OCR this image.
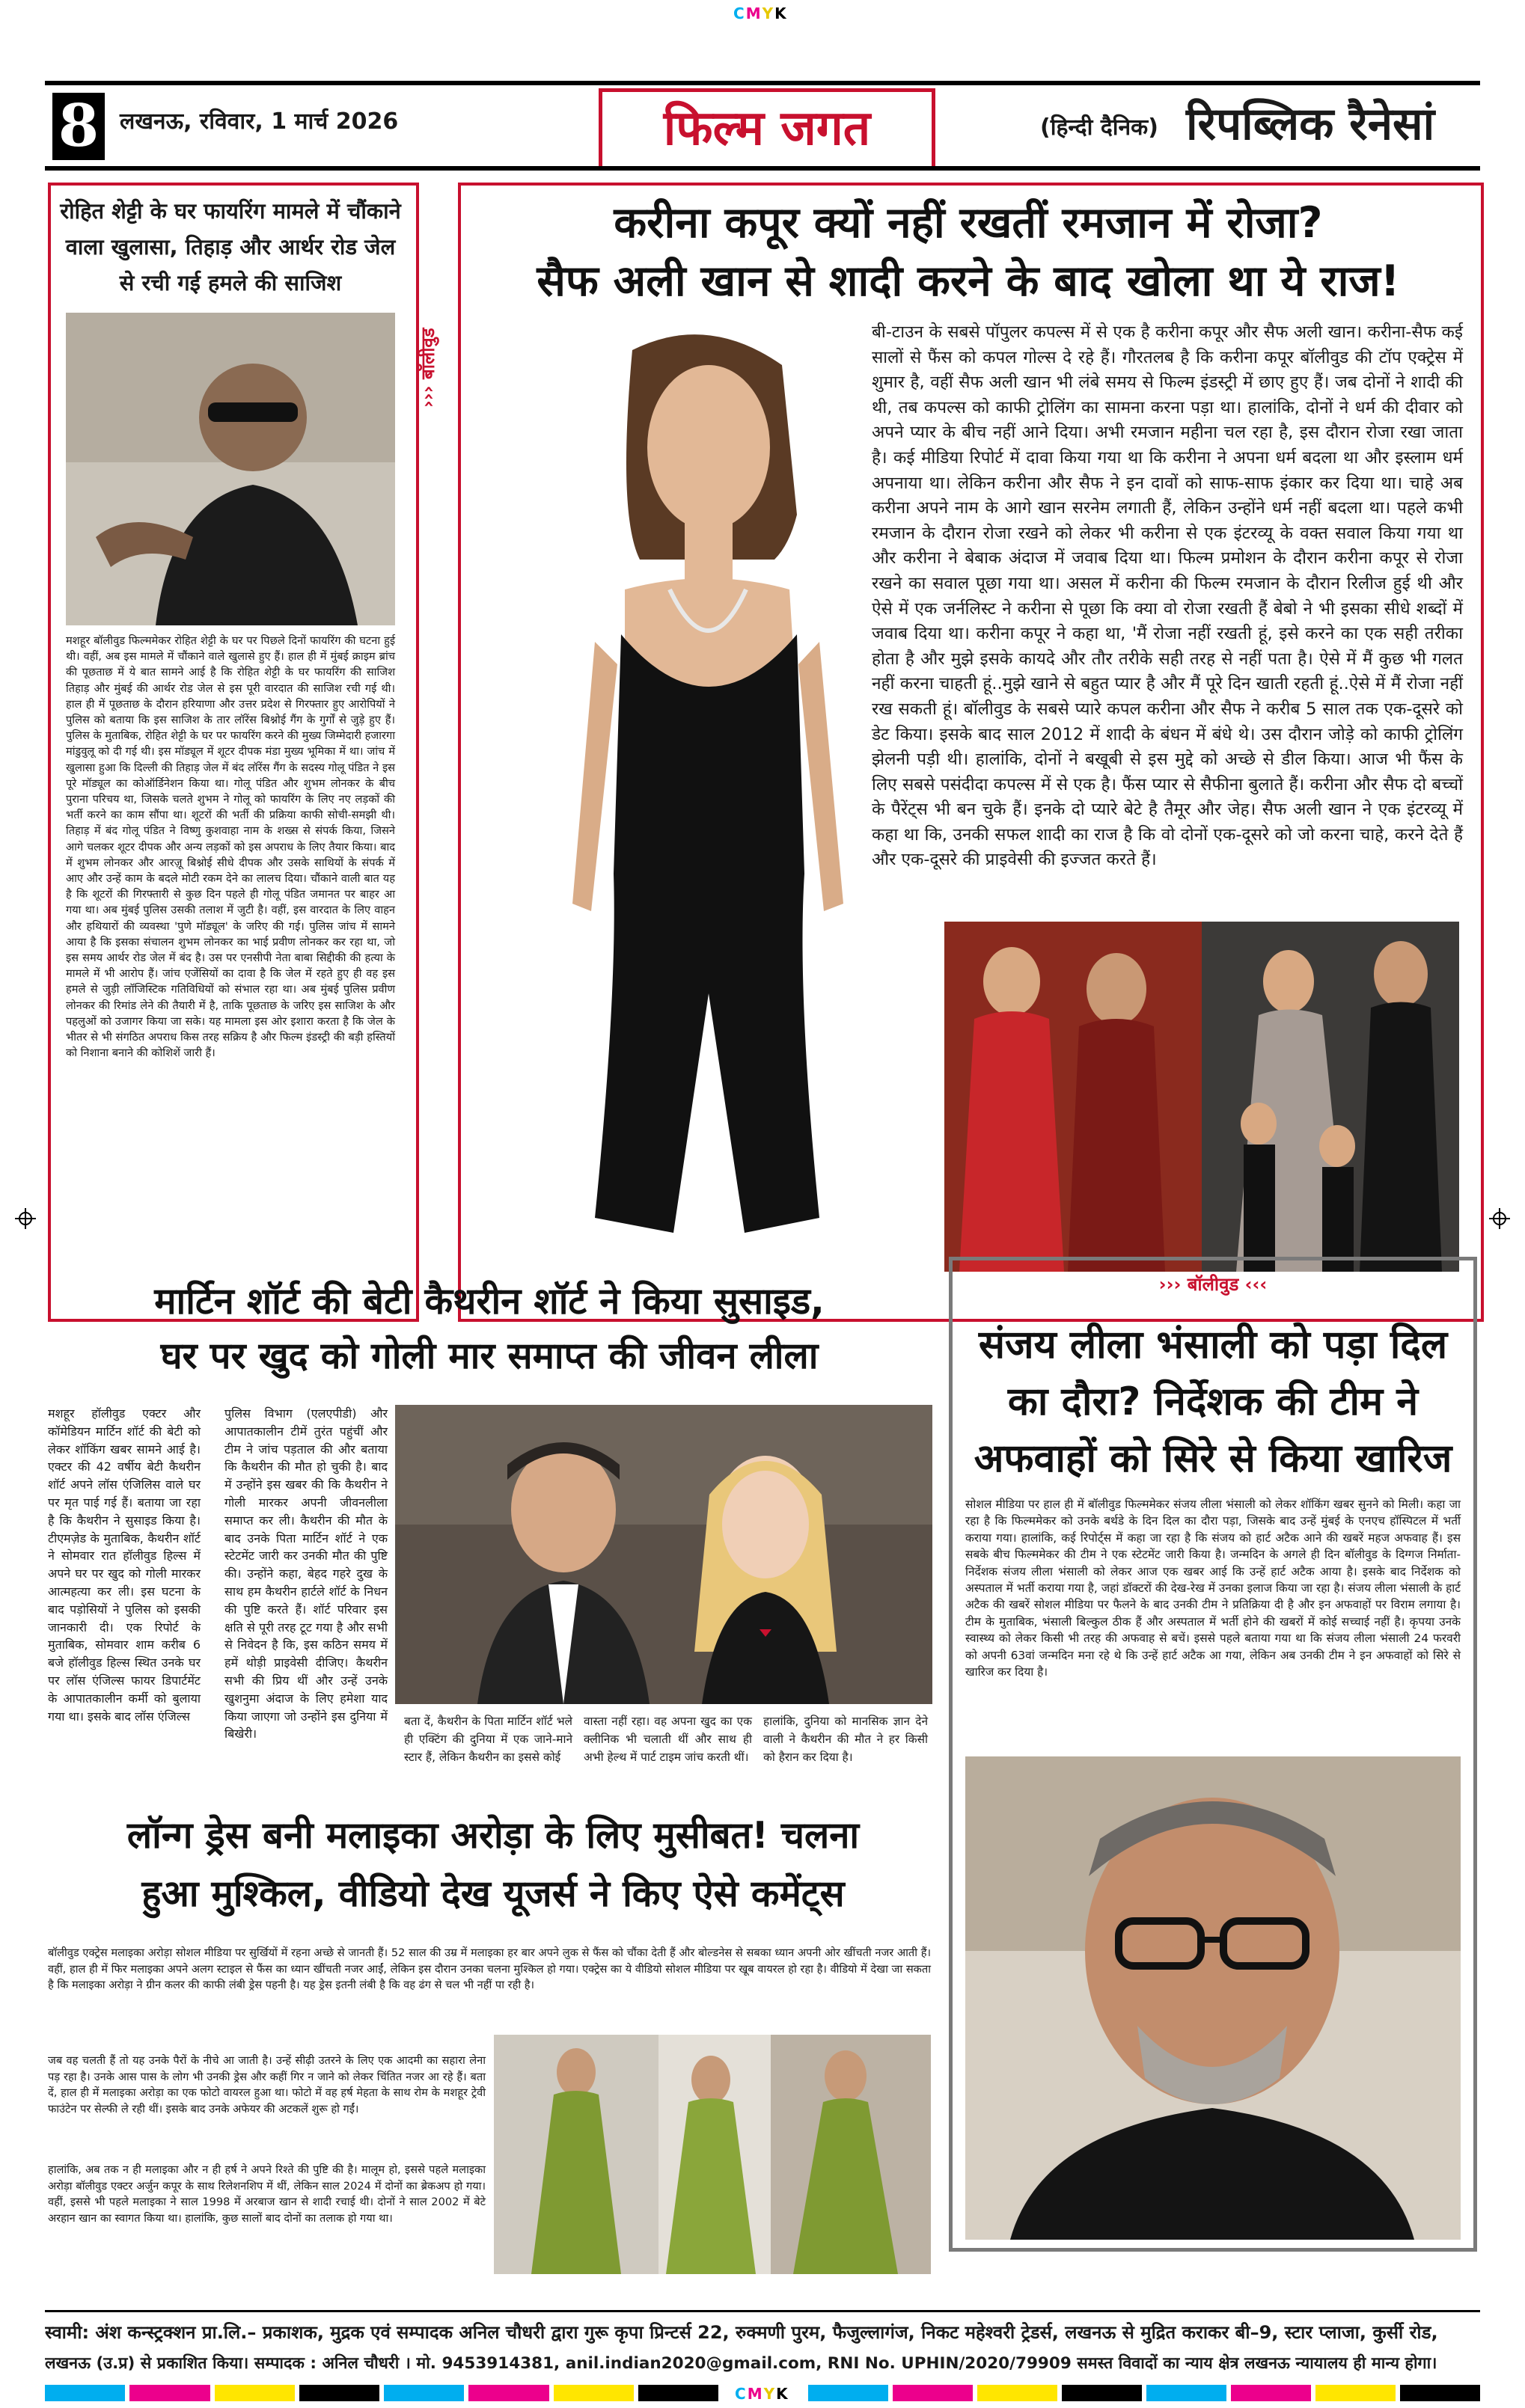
CMYK
8 लखनऊ, रविवार, 1 मार्च 2026	फिल्म जगत	(हिन्दी दैनिक) रिपब्लिक रैनेसां
रोहित शेट्टी के घर फायरिंग मामले में चौंकाने वाला खुलासा, तिहाड़ और आर्थर रोड जेल से रची गई हमले की साजिश
मशहूर बॉलीवुड फिल्ममेकर रोहित शेट्टी के घर पर पिछले दिनों फायरिंग की घटना हुई थी। वहीं, अब इस मामले में चौंकाने वाले खुलासे हुए हैं। हाल ही में मुंबई क्राइम ब्रांच की पूछताछ में ये बात सामने आई है कि रोहित शेट्टी के घर फायरिंग की साजिश तिहाड़ और मुंबई की आर्थर रोड जेल से इस पूरी वारदात की साजिश रची गई थी। हाल ही में पूछताछ के दौरान हरियाणा और उत्तर प्रदेश से गिरफ्तार हुए आरोपियों ने पुलिस को बताया कि इस साजिश के तार लॉरेंस बिश्नोई गैंग के गुर्गों से जुड़े हुए हैं। पुलिस के मुताबिक, रोहित शेट्टी के घर पर फायरिंग करने की मुख्य जिम्मेदारी हजारगा मांडुवुलू को दी गई थी। इस मॉड्यूल में शूटर दीपक मंडा मुख्य भूमिका में था। जांच में खुलासा हुआ कि दिल्ली की तिहाड़ जेल में बंद लॉरेंस गैंग के सदस्य गोलू पंडित ने इस पूरे मॉड्यूल का कोऑर्डिनेशन किया था। गोलू पंडित और शुभम लोनकर के बीच पुराना परिचय था, जिसके चलते शुभम ने गोलू को फायरिंग के लिए नए लड़कों की भर्ती करने का काम सौंपा था। शूटरों की भर्ती की प्रक्रिया काफी सोची-समझी थी। तिहाड़ में बंद गोलू पंडित ने विष्णु कुशवाहा नाम के शख्स से संपर्क किया, जिसने आगे चलकर शूटर दीपक और अन्य लड़कों को इस अपराध के लिए तैयार किया। बाद में शुभम लोनकर और आरज़ू बिश्नोई सीधे दीपक और उसके साथियों के संपर्क में आए और उन्हें काम के बदले मोटी रकम देने का लालच दिया। चौंकाने वाली बात यह है कि शूटरों की गिरफ्तारी से कुछ दिन पहले ही गोलू पंडित जमानत पर बाहर आ गया था। अब मुंबई पुलिस उसकी तलाश में जुटी है। वहीं, इस वारदात के लिए वाहन और हथियारों की व्यवस्था 'पुणे मॉड्यूल' के जरिए की गई। पुलिस जांच में सामने आया है कि इसका संचालन शुभम लोनकर का भाई प्रवीण लोनकर कर रहा था, जो इस समय आर्थर रोड जेल में बंद है। उस पर एनसीपी नेता बाबा सिद्दीकी की हत्या के मामले में भी आरोप हैं। जांच एजेंसियों का दावा है कि जेल में रहते हुए ही वह इस हमले से जुड़ी लॉजिस्टिक गतिविधियों को संभाल रहा था। अब मुंबई पुलिस प्रवीण लोनकर की रिमांड लेने की तैयारी में है, ताकि पूछताछ के जरिए इस साजिश के और पहलुओं को उजागर किया जा सके। यह मामला इस ओर इशारा करता है कि जेल के भीतर से भी संगठित अपराध किस तरह सक्रिय है और फिल्म इंडस्ट्री की बड़ी हस्तियों को निशाना बनाने की कोशिशें जारी हैं।
करीना कपूर क्यों नहीं रखतीं रमजान में रोजा?
सैफ अली खान से शादी करने के बाद खोला था ये राज!
››› बॉलीवुड	बी-टाउन के सबसे पॉपुलर कपल्स में से एक है करीना कपूर और सैफ अली खान। करीना-सैफ कई सालों से फैंस को कपल गोल्स दे रहे हैं। गौरतलब है कि करीना कपूर बॉलीवुड की टॉप एक्ट्रेस में शुमार है, वहीं सैफ अली खान भी लंबे समय से फिल्म इंडस्ट्री में छाए हुए हैं। जब दोनों ने शादी की थी, तब कपल्स को काफी ट्रोलिंग का सामना करना पड़ा था। हालांकि, दोनों ने धर्म की दीवार को अपने प्यार के बीच नहीं आने दिया। अभी रमजान महीना चल रहा है, इस दौरान रोजा रखा जाता है। कई मीडिया रिपोर्ट में दावा किया गया था कि करीना ने अपना धर्म बदला था और इस्लाम धर्म अपनाया था। लेकिन करीना और सैफ ने इन दावों को साफ-साफ इंकार कर दिया था। चाहे अब करीना अपने नाम के आगे खान सरनेम लगाती हैं, लेकिन उन्होंने धर्म नहीं बदला था। पहले कभी रमजान के दौरान रोजा रखने को लेकर भी करीना से एक इंटरव्यू के वक्त सवाल किया गया था और करीना ने बेबाक अंदाज में जवाब दिया था। फिल्म प्रमोशन के दौरान करीना कपूर से रोजा रखने का सवाल पूछा गया था। असल में करीना की फिल्म रमजान के दौरान रिलीज हुई थी और ऐसे में एक जर्नलिस्ट ने करीना से पूछा कि क्या वो रोजा रखती हैं बेबो ने भी इसका सीधे शब्दों में जवाब दिया था। करीना कपूर ने कहा था, 'मैं रोजा नहीं रखती हूं, इसे करने का एक सही तरीका होता है और मुझे इसके कायदे और तौर तरीके सही तरह से नहीं पता है। ऐसे में मैं कुछ भी गलत नहीं करना चाहती हूं..मुझे खाने से बहुत प्यार है और मैं पूरे दिन खाती रहती हूं..ऐसे में मैं रोजा नहीं रख सकती हूं। बॉलीवुड के सबसे प्यारे कपल करीना और सैफ ने करीब 5 साल तक एक-दूसरे को डेट किया। इसके बाद साल 2012 में शादी के बंधन में बंधे थे। उस दौरान जोड़े को काफी ट्रोलिंग झेलनी पड़ी थी। हालांकि, दोनों ने बखूबी से इस मुद्दे को अच्छे से डील किया। आज भी फैंस के लिए सबसे पसंदीदा कपल्स में से एक है। फैंस प्यार से सैफीना बुलाते हैं। करीना और सैफ दो बच्चों के पैरेंट्स भी बन चुके हैं। इनके दो प्यारे बेटे है तैमूर और जेह। सैफ अली खान ने एक इंटरव्यू में कहा था कि, उनकी सफल शादी का राज है कि वो दोनों एक-दूसरे को जो करना चाहे, करने देते हैं और एक-दूसरे की प्राइवेसी की इज्जत करते हैं।
मार्टिन शॉर्ट की बेटी कैथरीन शॉर्ट ने किया सुसाइड,
घर पर खुद को गोली मार समाप्त की जीवन लीला
मशहूर हॉलीवुड एक्टर और कॉमेडियन मार्टिन शॉर्ट की बेटी को लेकर शॉकिंग खबर सामने आई है। एक्टर की 42 वर्षीय बेटी कैथरीन शॉर्ट अपने लॉस एंजिलिस वाले घर पर मृत पाई गई हैं। बताया जा रहा है कि कैथरीन ने सुसाइड किया है। टीएमज़ेड के मुताबिक, कैथरीन शॉर्ट ने सोमवार रात हॉलीवुड हिल्स में अपने घर पर खुद को गोली मारकर आत्महत्या कर ली। इस घटना के बाद पड़ोसियों ने पुलिस को इसकी जानकारी दी। एक रिपोर्ट के मुताबिक, सोमवार शाम करीब 6 बजे हॉलीवुड हिल्स स्थित उनके घर पर लॉस एंजिल्स फायर डिपार्टमेंट के आपातकालीन कर्मी को बुलाया गया था। इसके बाद लॉस एंजिल्स
पुलिस विभाग (एलएपीडी) और आपातकालीन टीमें तुरंत पहुंचीं और टीम ने जांच पड़ताल की और बताया कि कैथरीन की मौत हो चुकी है। बाद में उन्होंने इस खबर की कि कैथरीन ने गोली मारकर अपनी जीवनलीला समाप्त कर ली। कैथरीन की मौत के बाद उनके पिता मार्टिन शॉर्ट ने एक स्टेटमेंट जारी कर उनकी मौत की पुष्टि की। उन्होंने कहा, बेहद गहरे दुख के साथ हम कैथरीन हार्टले शॉर्ट के निधन की पुष्टि करते हैं। शॉर्ट परिवार इस क्षति से पूरी तरह टूट गया है और सभी से निवेदन है कि, इस कठिन समय में हमें थोड़ी प्राइवेसी दीजिए। कैथरीन सभी की प्रिय थीं और उन्हें उनके खुशनुमा अंदाज के लिए हमेशा याद किया जाएगा जो उन्होंने इस दुनिया में बिखेरी।
बता दें, कैथरीन के पिता मार्टिन शॉर्ट भले ही एक्टिंग की दुनिया में एक जाने-माने स्टार हैं, लेकिन कैथरीन का इससे कोई
वास्ता नहीं रहा। वह अपना खुद का एक क्लीनिक भी चलाती थीं और साथ ही अभी हेल्थ में पार्ट टाइम जांच करती थीं।
हालांकि, दुनिया को मानसिक ज्ञान देने वाली ने कैथरीन की मौत ने हर किसी को हैरान कर दिया है।
››› बॉलीवुड ‹‹‹
संजय लीला भंसाली को पड़ा दिल का दौरा? निर्देशक की टीम ने अफवाहों को सिरे से किया खारिज
सोशल मीडिया पर हाल ही में बॉलीवुड फिल्ममेकर संजय लीला भंसाली को लेकर शॉकिंग खबर सुनने को मिली। कहा जा रहा है कि फिल्ममेकर को उनके बर्थडे के दिन दिल का दौरा पड़ा, जिसके बाद उन्हें मुंबई के एनएच हॉस्पिटल में भर्ती कराया गया। हालांकि, कई रिपोर्ट्स में कहा जा रहा है कि संजय को हार्ट अटैक आने की खबरें महज अफवाह हैं। इस सबके बीच फिल्ममेकर की टीम ने एक स्टेटमेंट जारी किया है। जन्मदिन के अगले ही दिन बॉलीवुड के दिग्गज निर्माता-निर्देशक संजय लीला भंसाली को लेकर आज एक खबर आई कि उन्हें हार्ट अटैक आया है। इसके बाद निर्देशक को अस्पताल में भर्ती कराया गया है, जहां डॉक्टरों की देख-रेख में उनका इलाज किया जा रहा है। संजय लीला भंसाली के हार्ट अटैक की खबरें सोशल मीडिया पर फैलने के बाद उनकी टीम ने प्रतिक्रिया दी है और इन अफवाहों पर विराम लगाया है। टीम के मुताबिक, भंसाली बिल्कुल ठीक हैं और अस्पताल में भर्ती होने की खबरों में कोई सच्चाई नहीं है। कृपया उनके स्वास्थ्य को लेकर किसी भी तरह की अफवाह से बचें। इससे पहले बताया गया था कि संजय लीला भंसाली 24 फरवरी को अपनी 63वां जन्मदिन मना रहे थे कि उन्हें हार्ट अटैक आ गया, लेकिन अब उनकी टीम ने इन अफवाहों को सिरे से खारिज कर दिया है।
लॉन्ग ड्रेस बनी मलाइका अरोड़ा के लिए मुसीबत! चलना
हुआ मुश्किल, वीडियो देख यूजर्स ने किए ऐसे कमेंट्स
बॉलीवुड एक्ट्रेस मलाइका अरोड़ा सोशल मीडिया पर सुर्खियों में रहना अच्छे से जानती हैं। 52 साल की उम्र में मलाइका हर बार अपने लुक से फैंस को चौंका देती हैं और बोल्डनेस से सबका ध्यान अपनी ओर खींचती नजर आती हैं। वहीं, हाल ही में फिर मलाइका अपने अलग स्टाइल से फैंस का ध्यान खींचती नजर आईं, लेकिन इस दौरान उनका चलना मुश्किल हो गया। एक्ट्रेस का ये वीडियो सोशल मीडिया पर खूब वायरल हो रहा है। वीडियो में देखा जा सकता है कि मलाइका अरोड़ा ने ग्रीन कलर की काफी लंबी ड्रेस पहनी है। यह ड्रेस इतनी लंबी है कि वह ढंग से चल भी नहीं पा रही है।
जब वह चलती हैं तो यह उनके पैरों के नीचे आ जाती है। उन्हें सीढ़ी उतरने के लिए एक आदमी का सहारा लेना पड़ रहा है। उनके आस पास के लोग भी उनकी ड्रेस और कहीं गिर न जाने को लेकर चिंतित नजर आ रहे हैं। बता दें, हाल ही में मलाइका अरोड़ा का एक फोटो वायरल हुआ था। फोटो में वह हर्ष मेहता के साथ रोम के मशहूर ट्रेवी फाउंटेन पर सेल्फी ले रही थीं। इसके बाद उनके अफेयर की अटकलें शुरू हो गईं।
हालांकि, अब तक न ही मलाइका और न ही हर्ष ने अपने रिश्ते की पुष्टि की है। मालूम हो, इससे पहले मलाइका अरोड़ा बॉलीवुड एक्टर अर्जुन कपूर के साथ रिलेशनशिप में थीं, लेकिन साल 2024 में दोनों का ब्रेकअप हो गया। वहीं, इससे भी पहले मलाइका ने साल 1998 में अरबाज खान से शादी रचाई थी। दोनों ने साल 2002 में बेटे अरहान खान का स्वागत किया था। हालांकि, कुछ सालों बाद दोनों का तलाक हो गया था।
स्वामी: अंश कन्स्ट्रक्शन प्रा.लि.– प्रकाशक, मुद्रक एवं सम्पादक अनिल चौधरी द्वारा गुरू कृपा प्रिन्टर्स 22, रुक्मणी पुरम, फैजुल्लागंज, निकट महेश्वरी ट्रेडर्स, लखनऊ से मुद्रित कराकर बी–9, स्टार प्लाजा, कुर्सी रोड,
लखनऊ (उ.प्र) से प्रकाशित किया। सम्पादक : अनिल चौधरी । मो. 9453914381, anil.indian2020@gmail.com, RNI No. UPHIN/2020/79909 समस्त विवादों का न्याय क्षेत्र लखनऊ न्यायालय ही मान्य होगा।
CMYK
